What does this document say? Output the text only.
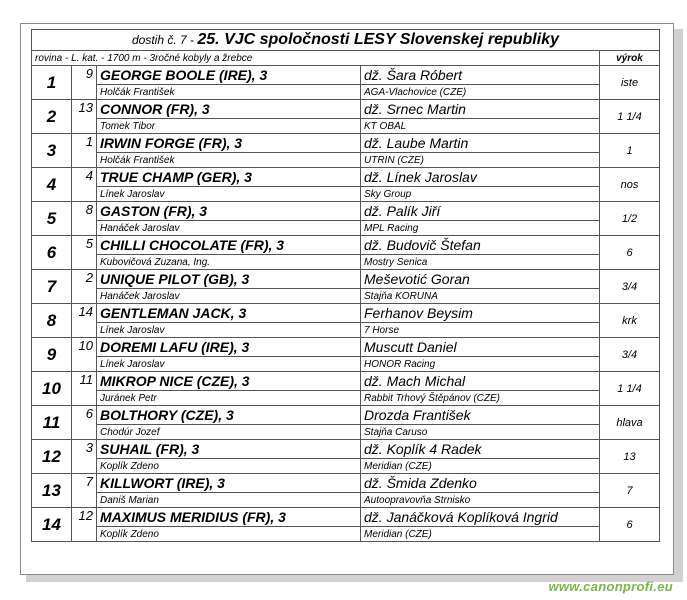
dostih č. 7 - 25. VJC spoločnosti LESY Slovenskej republiky				
rovina - L. kat. - 1700 m - 3ročné kobyly a žrebce				výrok
1	9	GEORGE BOOLE (IRE), 3	dž. Šara Róbert	iste
		Holčák František	AGA-Vlachovice (CZE)	
2	13	CONNOR (FR), 3	dž. Srnec Martin	1 1/4
		Tomek Tibor	KT OBAL	
3	1	IRWIN FORGE (FR), 3	dž. Laube Martin	1
		Holčák František	UTRIN (CZE)	
4	4	TRUE CHAMP (GER), 3	dž. Línek Jaroslav	nos
		Línek Jaroslav	Sky Group	
5	8	GASTON (FR), 3	dž. Palík Jiří	1/2
		Hanáček Jaroslav	MPL Racing	
6	5	CHILLI CHOCOLATE (FR), 3	dž. Budovič Štefan	6
		Kubovičová Zuzana, Ing.	Mostry Senica	
7	2	UNIQUE PILOT (GB), 3	Meševotić Goran	3/4
		Hanáček Jaroslav	Stajňa KORUNA	
8	14	GENTLEMAN JACK, 3	Ferhanov Beysim	krk
		Línek Jaroslav	7 Horse	
9	10	DOREMI LAFU (IRE), 3	Muscutt Daniel	3/4
		Línek Jaroslav	HONOR Racing	
10	11	MIKROP NICE (CZE), 3	dž. Mach Michal	1 1/4
		Juránek Petr	Rabbit Trhový Štěpánov (CZE)	
11	6	BOLTHORY (CZE), 3	Drozda František	hlava
		Chodúr Jozef	Stajňa Caruso	
12	3	SUHAIL (FR), 3	dž. Koplík 4 Radek	13
		Koplík Zdeno	Meridian (CZE)	
13	7	KILLWORT (IRE), 3	dž. Šmida Zdenko	7
		Daniš Marian	Autoopravovňa Strnisko	
14	12	MAXIMUS MERIDIUS (FR), 3	dž. Janáčková Koplíková Ingrid	6
		Koplík Zdeno	Meridian (CZE)	
www.canonprofi.eu
